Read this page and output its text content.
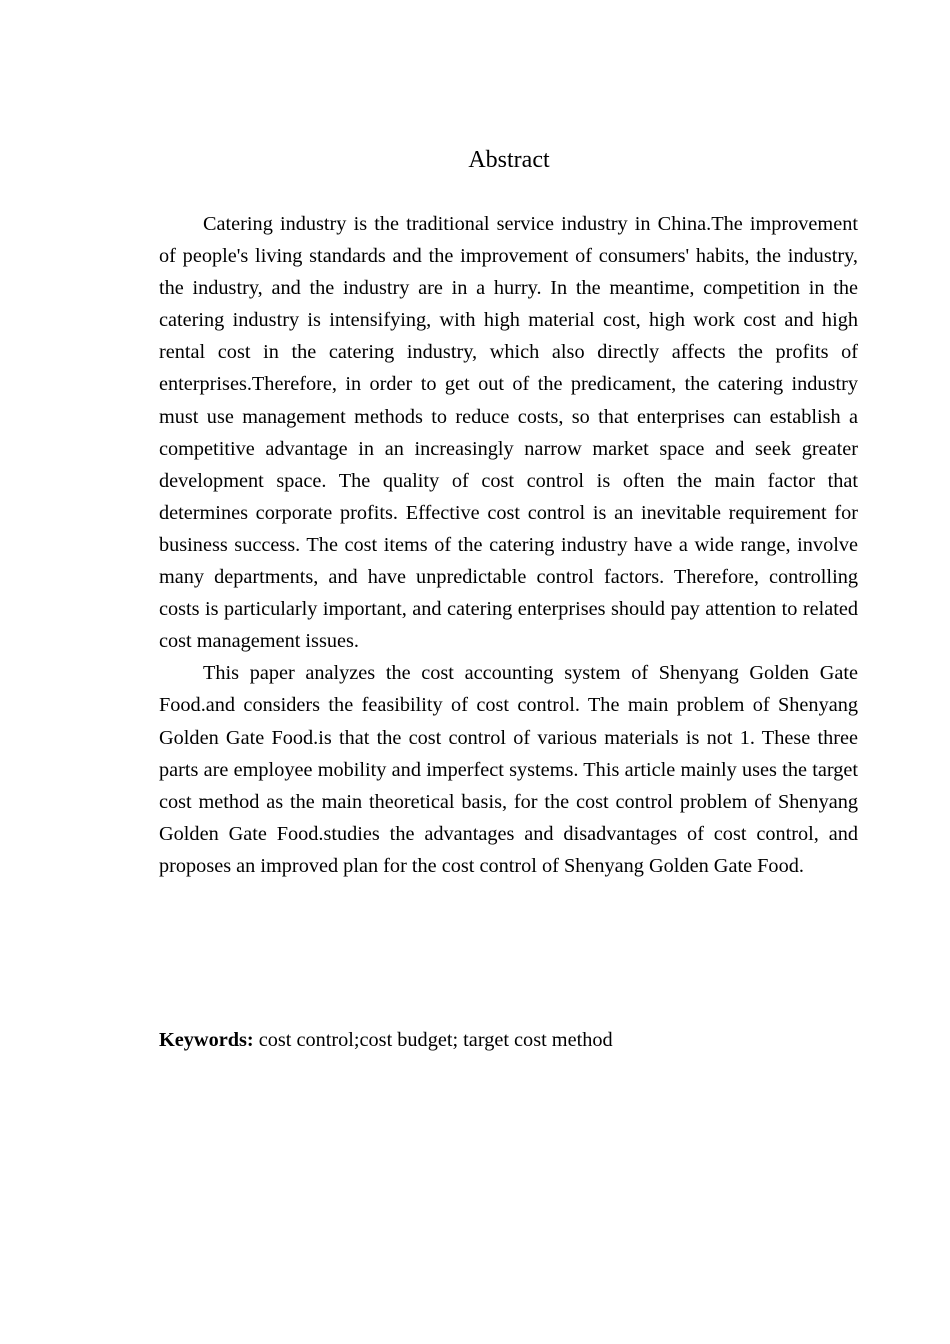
Abstract

Catering industry is the traditional service industry in China.The improvement of people's living standards and the improvement of consumers' habits, the industry, the industry, and the industry are in a hurry. In the meantime, competition in the catering industry is intensifying, with high material cost, high work cost and high rental cost in the catering industry, which also directly affects the profits of enterprises.Therefore, in order to get out of the predicament, the catering industry must use management methods to reduce costs, so that enterprises can establish a competitive advantage in an increasingly narrow market space and seek greater development space. The quality of cost control is often the main factor that determines corporate profits. Effective cost control is an inevitable requirement for business success. The cost items of the catering industry have a wide range, involve many departments, and have unpredictable control factors. Therefore, controlling costs is particularly important, and catering enterprises should pay attention to related cost management issues.

This paper analyzes the cost accounting system of Shenyang Golden Gate Food.and considers the feasibility of cost control. The main problem of Shenyang Golden Gate Food.is that the cost control of various materials is not 1. These three parts are employee mobility and imperfect systems. This article mainly uses the target cost method as the main theoretical basis, for the cost control problem of Shenyang Golden Gate Food.studies the advantages and disadvantages of cost control, and proposes an improved plan for the cost control of Shenyang Golden Gate Food.

Keywords: cost control;cost budget; target cost method
